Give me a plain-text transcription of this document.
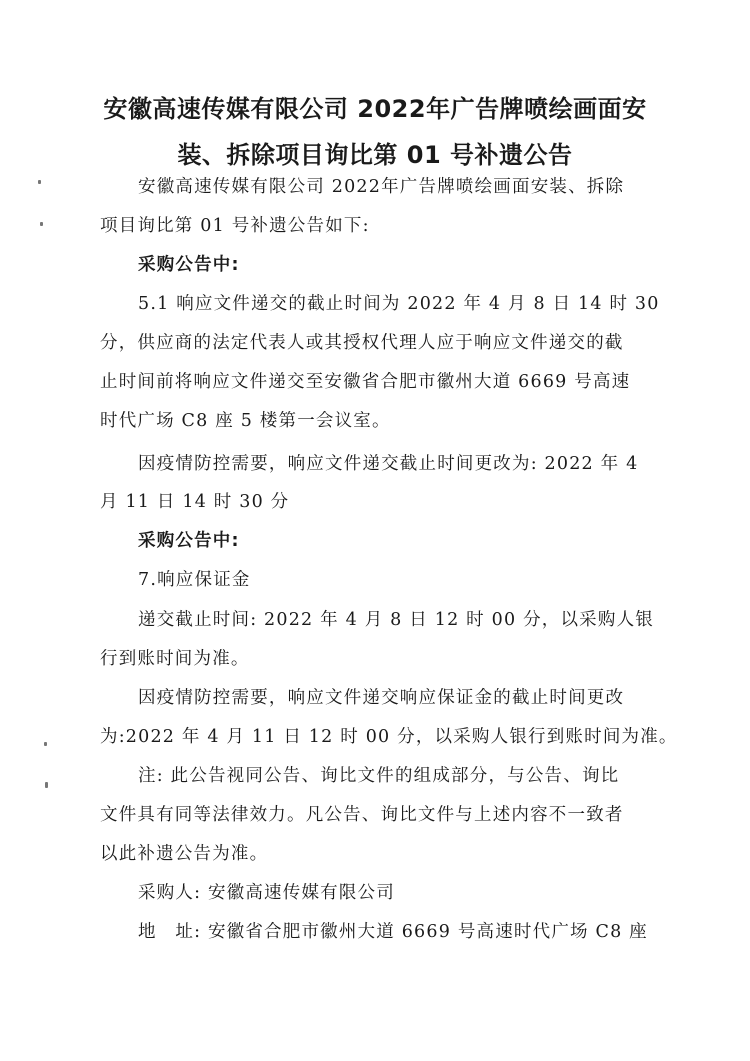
安徽高速传媒有限公司 2022年广告牌喷绘画面安
装、拆除项目询比第 01 号补遗公告
安徽高速传媒有限公司 2022年广告牌喷绘画面安装、拆除
项目询比第 01 号补遗公告如下:
采购公告中:
5.1 响应文件递交的截止时间为 2022 年 4 月 8 日 14 时 30
分，供应商的法定代表人或其授权代理人应于响应文件递交的截
止时间前将响应文件递交至安徽省合肥市徽州大道 6669 号高速
时代广场 C8 座 5 楼第一会议室。
因疫情防控需要，响应文件递交截止时间更改为: 2022 年 4
月 11 日 14 时 30 分
采购公告中:
7.响应保证金
递交截止时间: 2022 年 4 月 8 日 12 时 00 分，以采购人银
行到账时间为准。
因疫情防控需要，响应文件递交响应保证金的截止时间更改
为:2022 年 4 月 11 日 12 时 00 分，以采购人银行到账时间为准。
注: 此公告视同公告、询比文件的组成部分，与公告、询比
文件具有同等法律效力。凡公告、询比文件与上述内容不一致者
以此补遗公告为准。
采购人: 安徽高速传媒有限公司
地　址: 安徽省合肥市徽州大道 6669 号高速时代广场 C8 座
